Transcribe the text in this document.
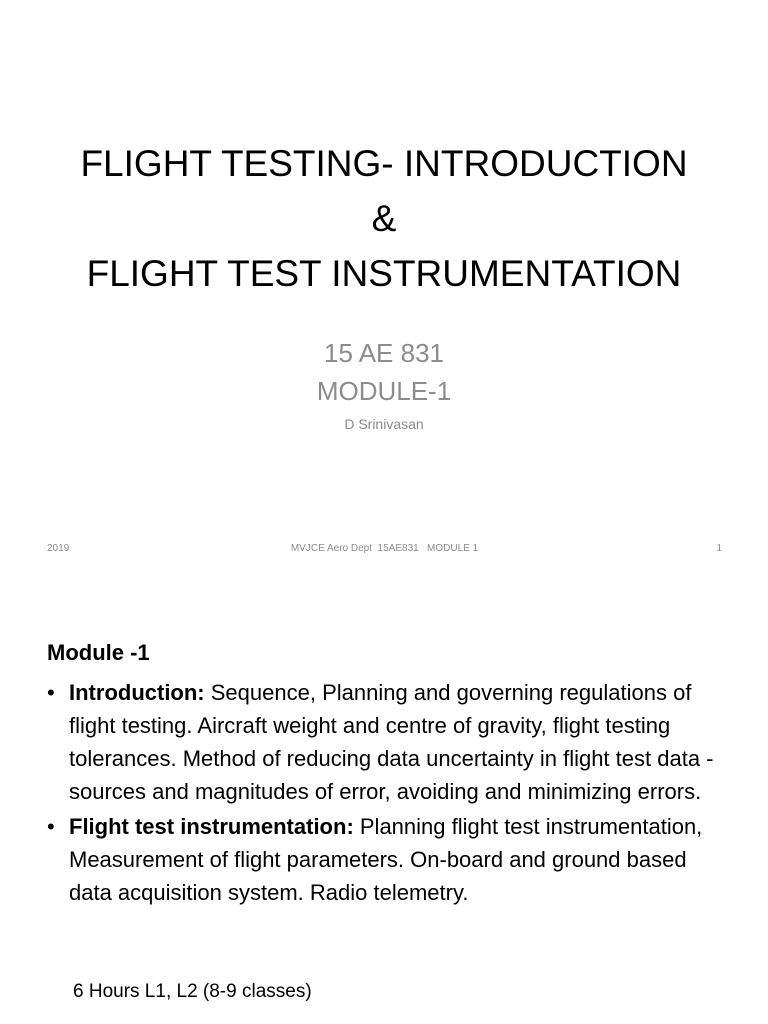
FLIGHT TESTING- INTRODUCTION
&
FLIGHT TEST INSTRUMENTATION
15 AE 831
MODULE-1
D Srinivasan
2019	MVJCE Aero Dept  15AE831   MODULE 1	1
Module -1
• Introduction: Sequence, Planning and governing regulations of flight testing. Aircraft weight and centre of gravity, flight testing tolerances. Method of reducing data uncertainty in flight test data -sources and magnitudes of error, avoiding and minimizing errors.
• Flight test instrumentation: Planning flight test instrumentation, Measurement of flight parameters. On-board and ground based data acquisition system. Radio telemetry.
6 Hours L1, L2 (8-9 classes)
